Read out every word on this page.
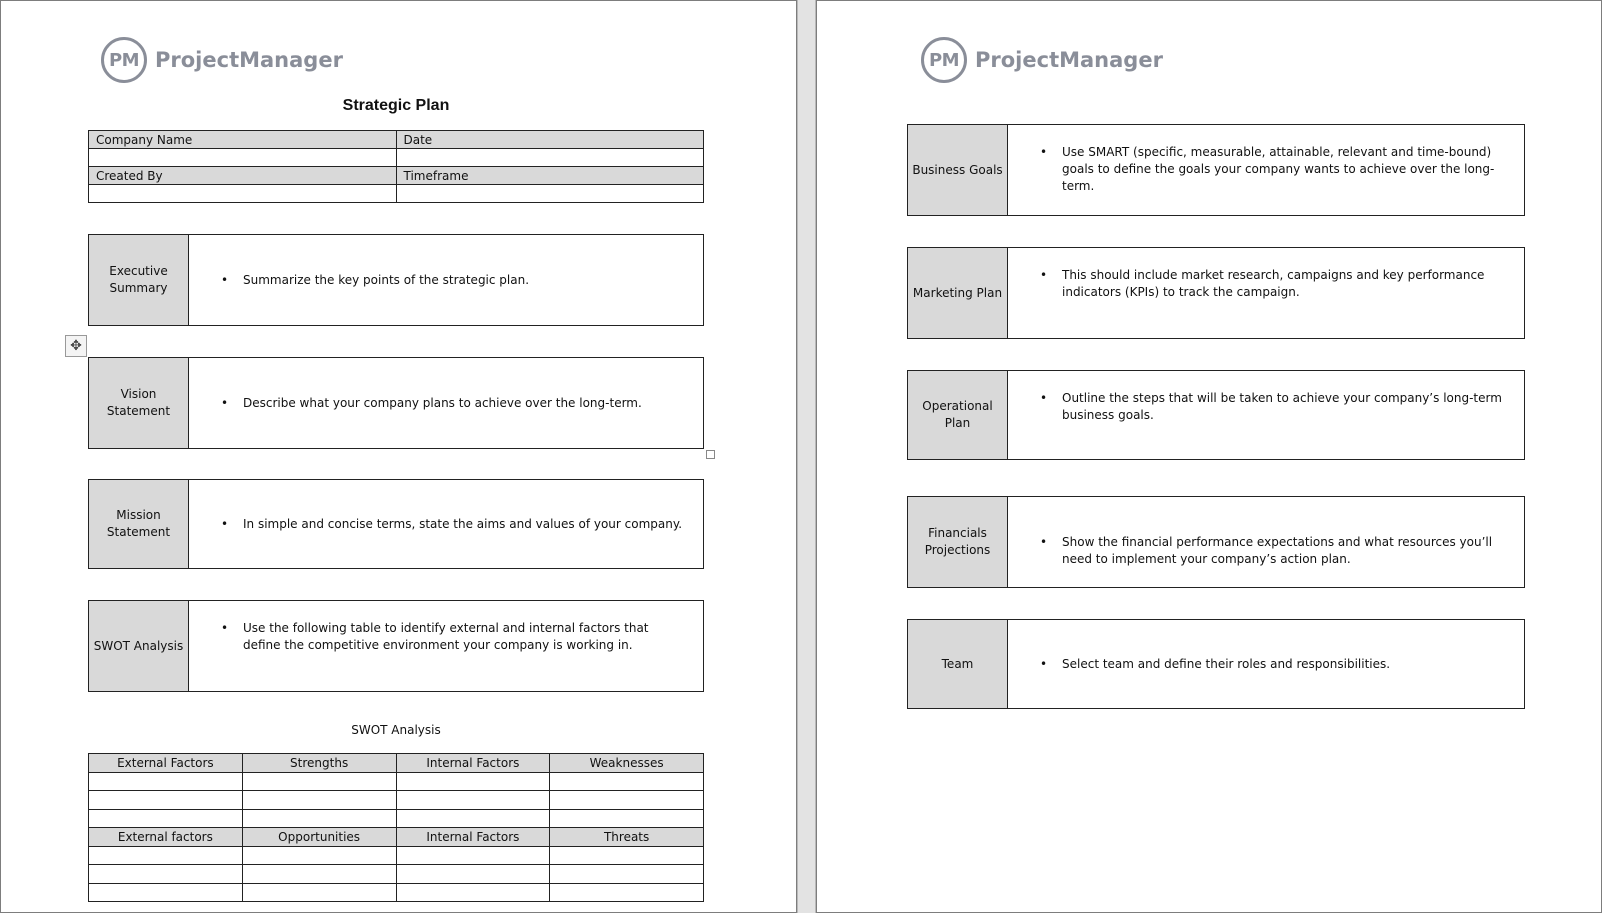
PM ProjectManager
Strategic Plan
Company Name	Date

Created By	Timeframe

Executive Summary
•	Summarize the key points of the strategic plan.
✥
Vision Statement
•	Describe what your company plans to achieve over the long-term.
Mission Statement
•	In simple and concise terms, state the aims and values of your company.
SWOT Analysis
•	Use the following table to identify external and internal factors that define the competitive environment your company is working in.
SWOT Analysis
External Factors	Strengths	Internal Factors	Weaknesses

External factors	Opportunities	Internal Factors	Threats

PM ProjectManager
Business Goals
•	Use SMART (specific, measurable, attainable, relevant and time-bound) goals to define the goals your company wants to achieve over the long-term.
Marketing Plan
•	This should include market research, campaigns and key performance indicators (KPIs) to track the campaign.
Operational Plan
•	Outline the steps that will be taken to achieve your company’s long-term business goals.
Financials Projections
•	Show the financial performance expectations and what resources you’ll need to implement your company’s action plan.
Team	•	Select team and define their roles and responsibilities.
